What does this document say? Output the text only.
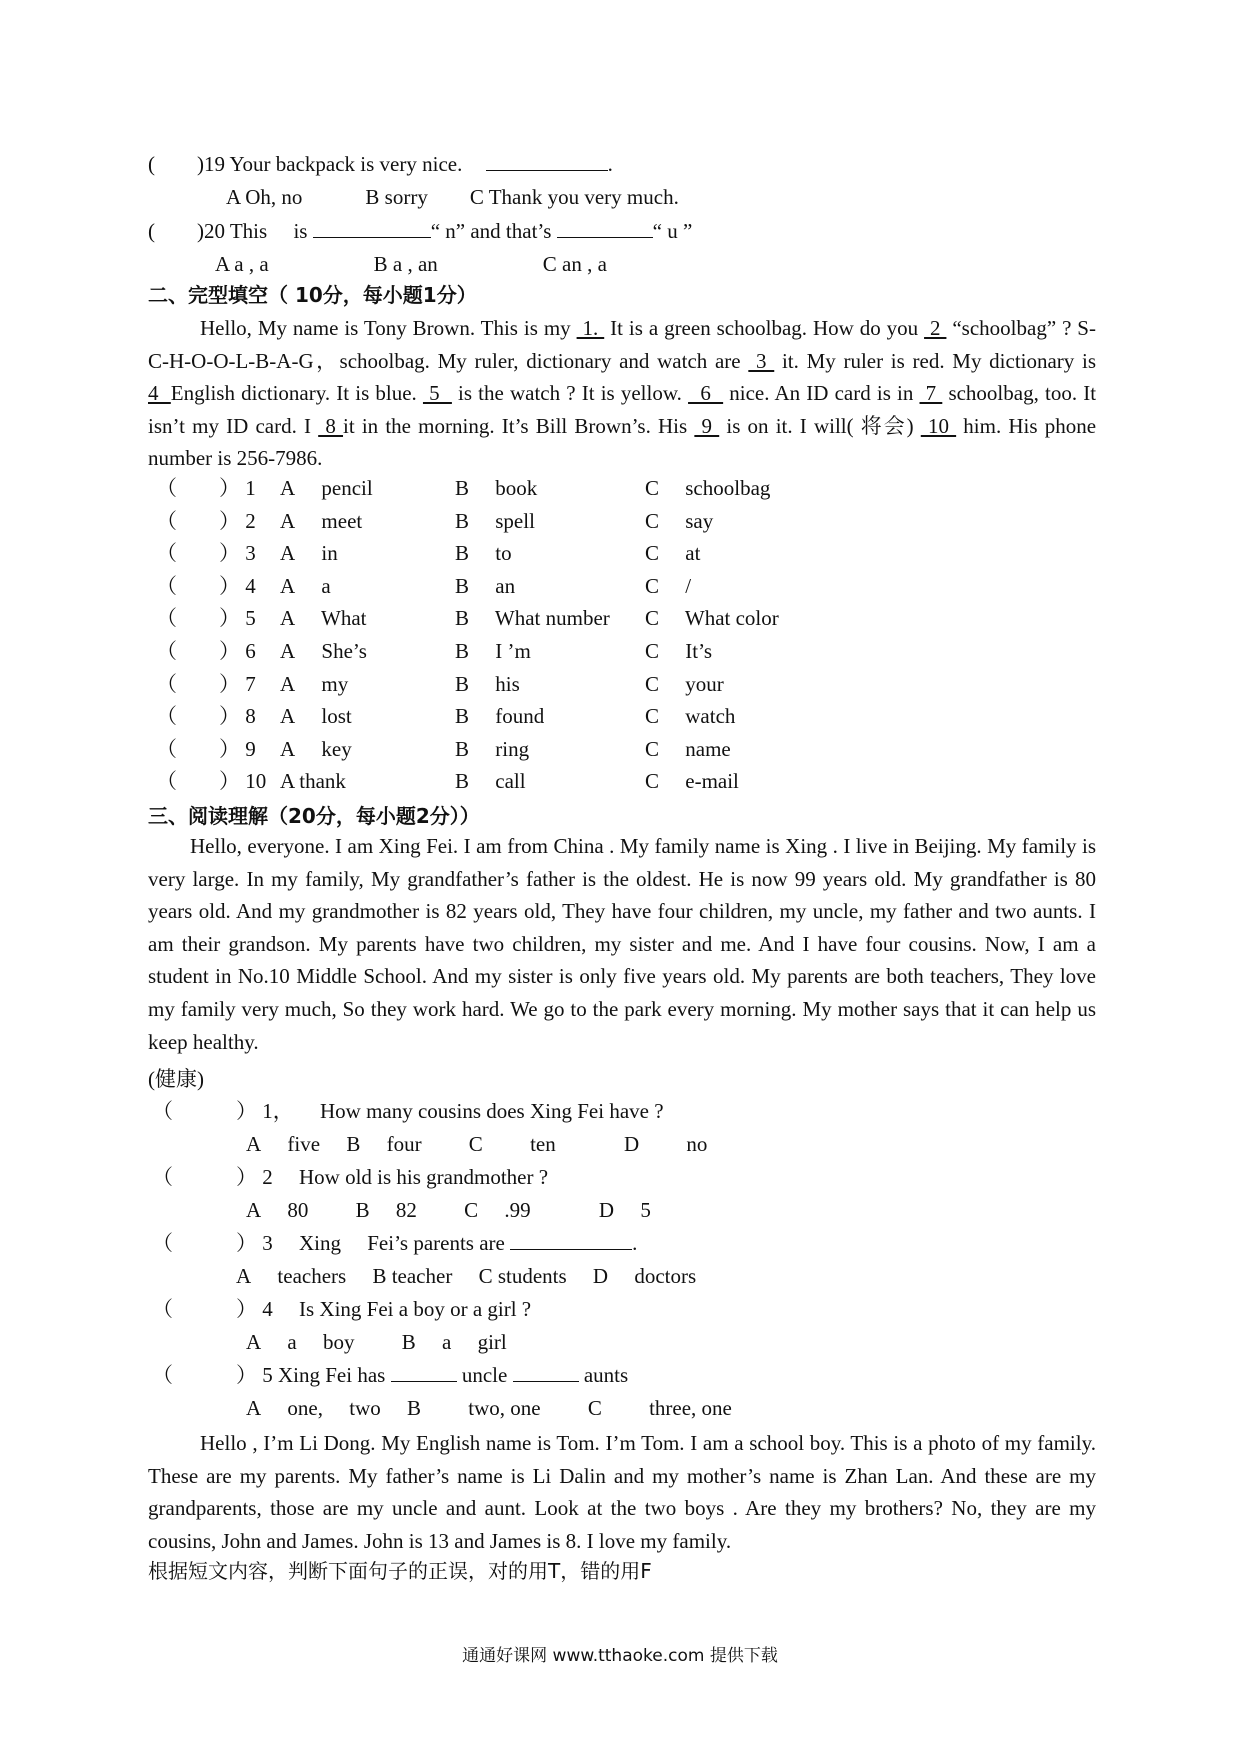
(  )19 Your backpack is very nice.	.
A Oh, no   B sorry  C Thank you very much.
(  )20 This  is	“ n” and that’s	“ u ”
A a , a     B a , an     C an , a
二、完型填空（ 10分，每小题1分）
Hello, My name is Tony Brown. This is my  1.  It is a green schoolbag. How do you  2  “schoolbag” ? S-C-H-O-O-L-B-A-G，schoolbag. My ruler, dictionary and watch are  3  it. My ruler is red. My dictionary is 4  English dictionary. It is blue.  5   is the watch ? It is yellow.   6   nice. An ID card is in  7  schoolbag, too. It isn’t my ID card. I  8 it in the morning. It’s Bill Brown’s. His  9  is on it. I will( 将会)  10  him. His phone number is 256-7986.
（  ） 1 A  pencil	B  book	C  schoolbag
（  ） 2 A  meet	B  spell	C  say
（  ） 3 A  in	B  to	C  at
（  ） 4 A  a	B  an	C  /
（  ） 5 A  What	B  What number C  What color
（  ） 6 A  She’s	B  I ’m	C  It’s
（  ） 7 A  my	B  his	C  your
（  ） 8 A  lost	B  found	C  watch
（  ） 9 A  key	B  ring	C  name
（  ） 10 A thank	B  call	C  e-mail
三、阅读理解（20分，每小题2分））
Hello, everyone. I am Xing Fei. I am from China . My family name is Xing . I live in Beijing. My family is very large. In my family, My grandfather’s father is the oldest. He is now 99 years old. My grandfather is 80 years old. And my grandmother is 82 years old, They have four children, my uncle, my father and two aunts. I am their grandson. My parents have two children, my sister and me. And I have four cousins. Now, I am a student in No.10 Middle School. And my sister is only five years old. My parents are both teachers, They love my family very much, So they work hard. We go to the park every morning. My mother says that it can help us keep healthy.
(健康)
（   ） 1，  How many cousins does Xing Fei have ?
A  five  B  four   C   ten    D   no
（   ） 2  How old is his grandmother ?
A  80   B  82   C  .99    D  5
（   ） 3  Xing  Fei’s parents are	.
A  teachers  B teacher  C students  D  doctors
（   ） 4  Is Xing Fei a boy or a girl ?
A  a  boy   B  a  girl
（   ） 5 Xing Fei has	uncle	aunts
A  one,  two  B   two, one   C   three, one
Hello , I’m Li Dong. My English name is Tom. I’m Tom. I am a school boy. This is a photo of my family. These are my parents. My father’s name is Li Dalin and my mother’s name is Zhan Lan. And these are my grandparents, those are my uncle and aunt. Look at the two boys . Are they my brothers? No, they are my cousins, John and James. John is 13 and James is 8. I love my family.
根据短文内容，判断下面句子的正误，对的用T，错的用F
通通好课网 www.tthaoke.com 提供下载
